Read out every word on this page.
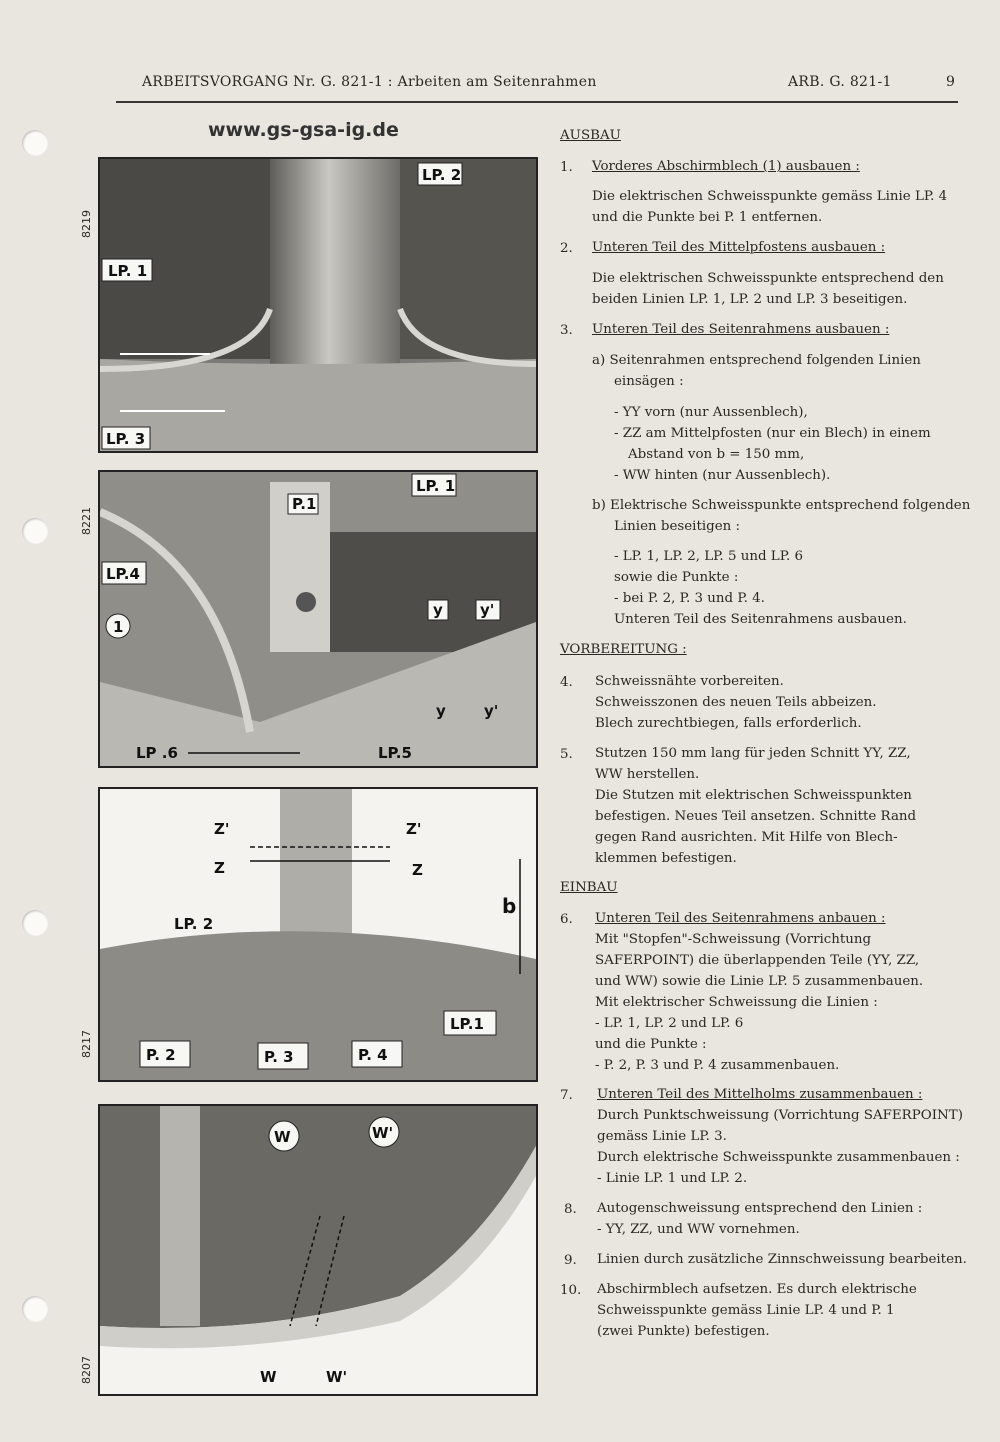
ARBEITSVORGANG Nr. G. 821-1 : Arbeiten am Seitenrahmen	ARB. G. 821-1	9
www.gs-gsa-ig.de
8219
LP. 1
LP. 2
LP. 3
8221
LP.4
LP. 1
P.1
1
y y'
y	y'
LP .6	LP.5
8217
Z'	Z'
Z	Z
b
LP. 2
LP.1
P. 2	P. 3	P. 4
8207
W	W'
W	W'
AUSBAU
1. Vorderes Abschirmblech (1) ausbauen :
Die elektrischen Schweisspunkte gemäss Linie LP. 4
und die Punkte bei P. 1 entfernen.
2. Unteren Teil des Mittelpfostens ausbauen :
Die elektrischen Schweisspunkte entsprechend den
beiden Linien LP. 1, LP. 2 und LP. 3 beseitigen.
3. Unteren Teil des Seitenrahmens ausbauen :
a) Seitenrahmen entsprechend folgenden Linien
einsägen :
- YY vorn (nur Aussenblech),
- ZZ am Mittelpfosten (nur ein Blech) in einem
Abstand von b = 150 mm,
- WW hinten (nur Aussenblech).
b) Elektrische Schweisspunkte entsprechend folgenden
Linien beseitigen :
- LP. 1, LP. 2, LP. 5 und LP. 6
sowie die Punkte :
- bei P. 2, P. 3 und P. 4.
Unteren Teil des Seitenrahmens ausbauen.
VORBEREITUNG :
4. Schweissnähte vorbereiten.
Schweisszonen des neuen Teils abbeizen.
Blech zurechtbiegen, falls erforderlich.
5. Stutzen 150 mm lang für jeden Schnitt YY, ZZ,
WW herstellen.
Die Stutzen mit elektrischen Schweisspunkten
befestigen. Neues Teil ansetzen. Schnitte Rand
gegen Rand ausrichten. Mit Hilfe von Blech-
klemmen befestigen.
EINBAU
6. Unteren Teil des Seitenrahmens anbauen :
Mit "Stopfen"-Schweissung (Vorrichtung
SAFERPOINT) die überlappenden Teile (YY, ZZ,
und WW) sowie die Linie LP. 5 zusammenbauen.
Mit elektrischer Schweissung die Linien :
- LP. 1, LP. 2 und LP. 6
und die Punkte :
- P. 2, P. 3 und P. 4 zusammenbauen.
7. Unteren Teil des Mittelholms zusammenbauen :
Durch Punktschweissung (Vorrichtung SAFERPOINT)
gemäss Linie LP. 3.
Durch elektrische Schweisspunkte zusammenbauen :
- Linie LP. 1 und LP. 2.
8. Autogenschweissung entsprechend den Linien :
- YY, ZZ, und WW vornehmen.
9. Linien durch zusätzliche Zinnschweissung bearbeiten.
10. Abschirmblech aufsetzen. Es durch elektrische
Schweisspunkte gemäss Linie LP. 4 und P. 1
(zwei Punkte) befestigen.
